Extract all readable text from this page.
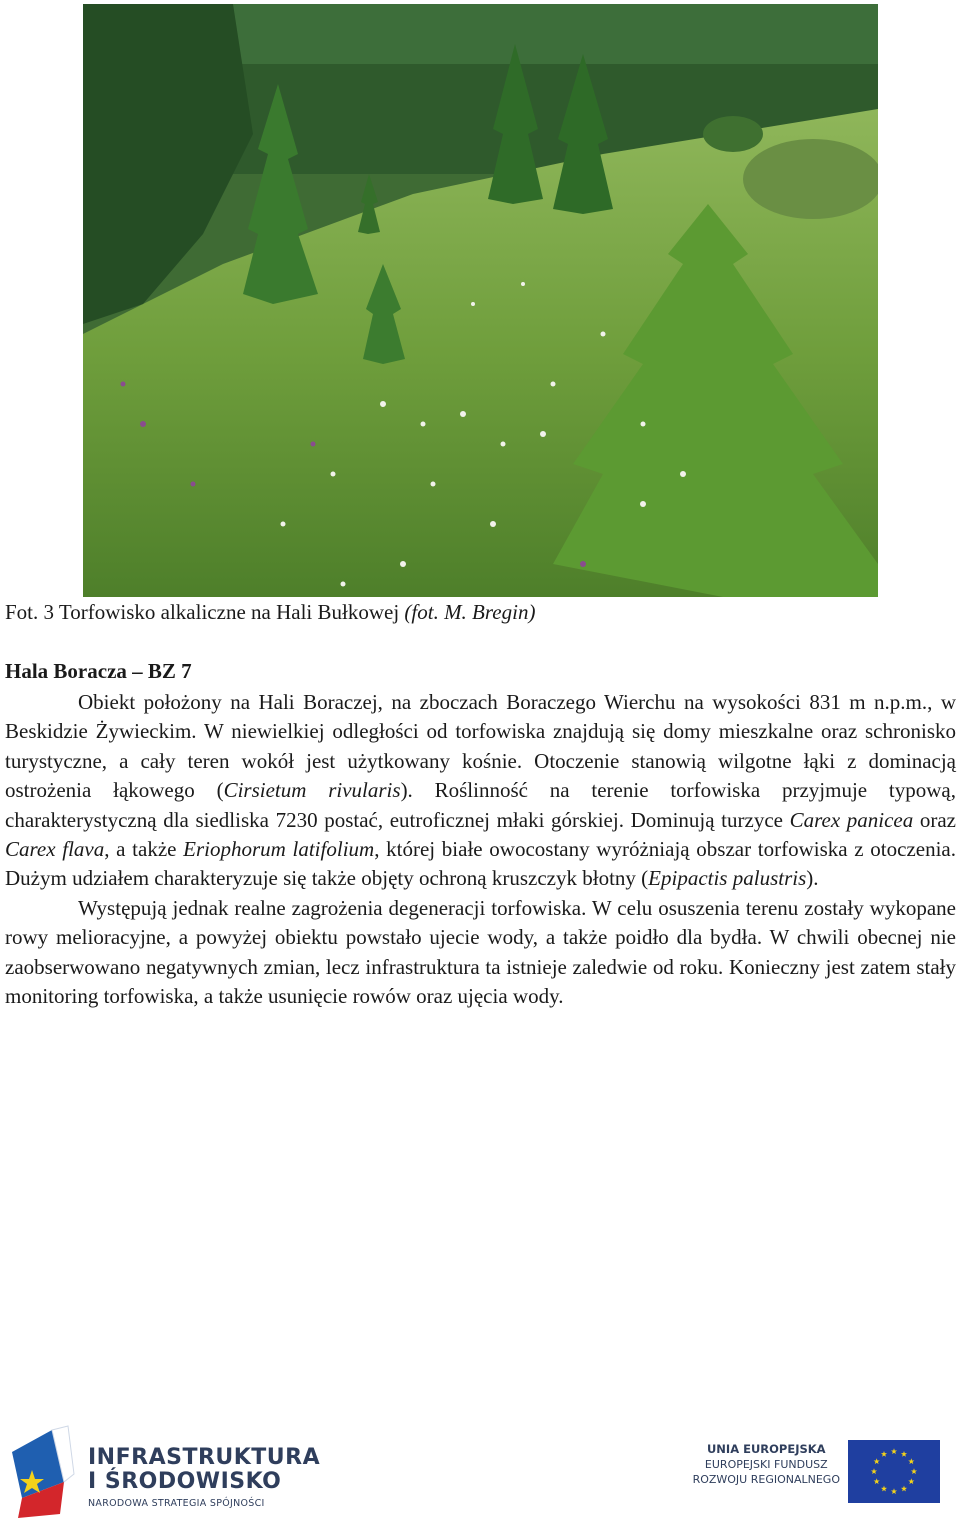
Fot. 3 Torfowisko alkaliczne na Hali Bułkowej (fot. M. Bregin)
Hala Boracza – BZ 7

Obiekt położony na Hali Boraczej, na zboczach Boraczego Wierchu na wysokości 831 m n.p.m., w Beskidzie Żywieckim. W niewielkiej odległości od torfowiska znajdują się domy mieszkalne oraz schronisko turystyczne, a cały teren wokół jest użytkowany kośnie. Otoczenie stanowią wilgotne łąki z dominacją ostrożenia łąkowego (Cirsietum rivularis). Roślinność na terenie torfowiska przyjmuje typową, charakterystyczną dla siedliska 7230 postać, eutroficznej młaki górskiej. Dominują turzyce Carex panicea oraz Carex flava, a także Eriophorum latifolium, której białe owocostany wyróżniają obszar torfowiska z otoczenia. Dużym udziałem charakteryzuje się także objęty ochroną kruszczyk błotny (Epipactis palustris).

Występują jednak realne zagrożenia degeneracji torfowiska. W celu osuszenia terenu zostały wykopane rowy melioracyjne, a powyżej obiektu powstało ujecie wody, a także poidło dla bydła. W chwili obecnej nie zaobserwowano negatywnych zmian, lecz infrastruktura ta istnieje zaledwie od roku. Konieczny jest zatem stały monitoring torfowiska, a także usunięcie rowów oraz ujęcia wody.

INFRASTRUKTURA
I ŚRODOWISKO
NARODOWA STRATEGIA SPÓJNOŚCI
UNIA EUROPEJSKA
EUROPEJSKI FUNDUSZ
ROZWOJU REGIONALNEGO
